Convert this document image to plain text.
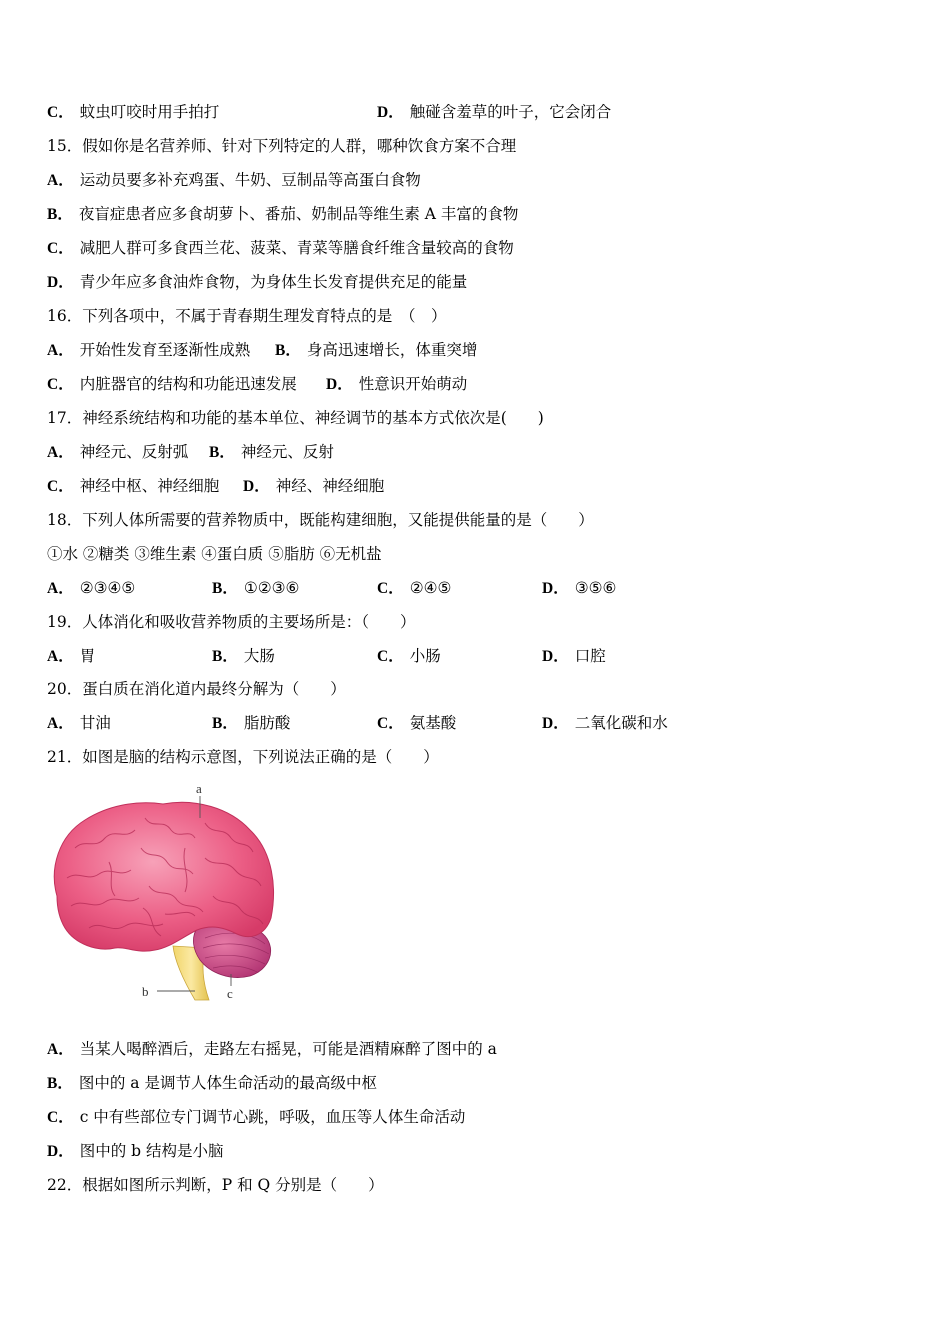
C． 蚊虫叮咬时用手拍打	D． 触碰含羞草的叶子，它会闭合
15．假如你是名营养师、针对下列特定的人群，哪种饮食方案不合理
A． 运动员要多补充鸡蛋、牛奶、豆制品等高蛋白食物
B． 夜盲症患者应多食胡萝卜、番茄、奶制品等维生素 A 丰富的食物
C． 减肥人群可多食西兰花、菠菜、青菜等膳食纤维含量较高的食物
D． 青少年应多食油炸食物，为身体生长发育提供充足的能量
16．下列各项中，不属于青春期生理发育特点的是　（　）
A． 开始性发育至逐渐性成熟 B． 身高迅速增长，体重突增
C． 内脏器官的结构和功能迅速发展 D． 性意识开始萌动
17．神经系统结构和功能的基本单位、神经调节的基本方式依次是(　　)
A． 神经元、反射弧 B． 神经元、反射
C． 神经中枢、神经细胞 D． 神经、神经细胞
18．下列人体所需要的营养物质中，既能构建细胞，又能提供能量的是（　　）
①水 ②糖类 ③维生素 ④蛋白质 ⑤脂肪 ⑥无机盐
A． ②③④⑤	B． ①②③⑥	C． ②④⑤	D． ③⑤⑥
19．人体消化和吸收营养物质的主要场所是：（　　）
A． 胃	B． 大肠	C． 小肠	D． 口腔
20．蛋白质在消化道内最终分解为（　　）
A． 甘油	B． 脂肪酸	C． 氨基酸	D． 二氧化碳和水
21．如图是脑的结构示意图，下列说法正确的是（　　）
a
b	c
A． 当某人喝醉酒后，走路左右摇晃，可能是酒精麻醉了图中的 a
B． 图中的 a 是调节人体生命活动的最高级中枢
C． c 中有些部位专门调节心跳，呼吸，血压等人体生命活动
D． 图中的 b 结构是小脑
22．根据如图所示判断，P 和 Q 分别是（　　）
